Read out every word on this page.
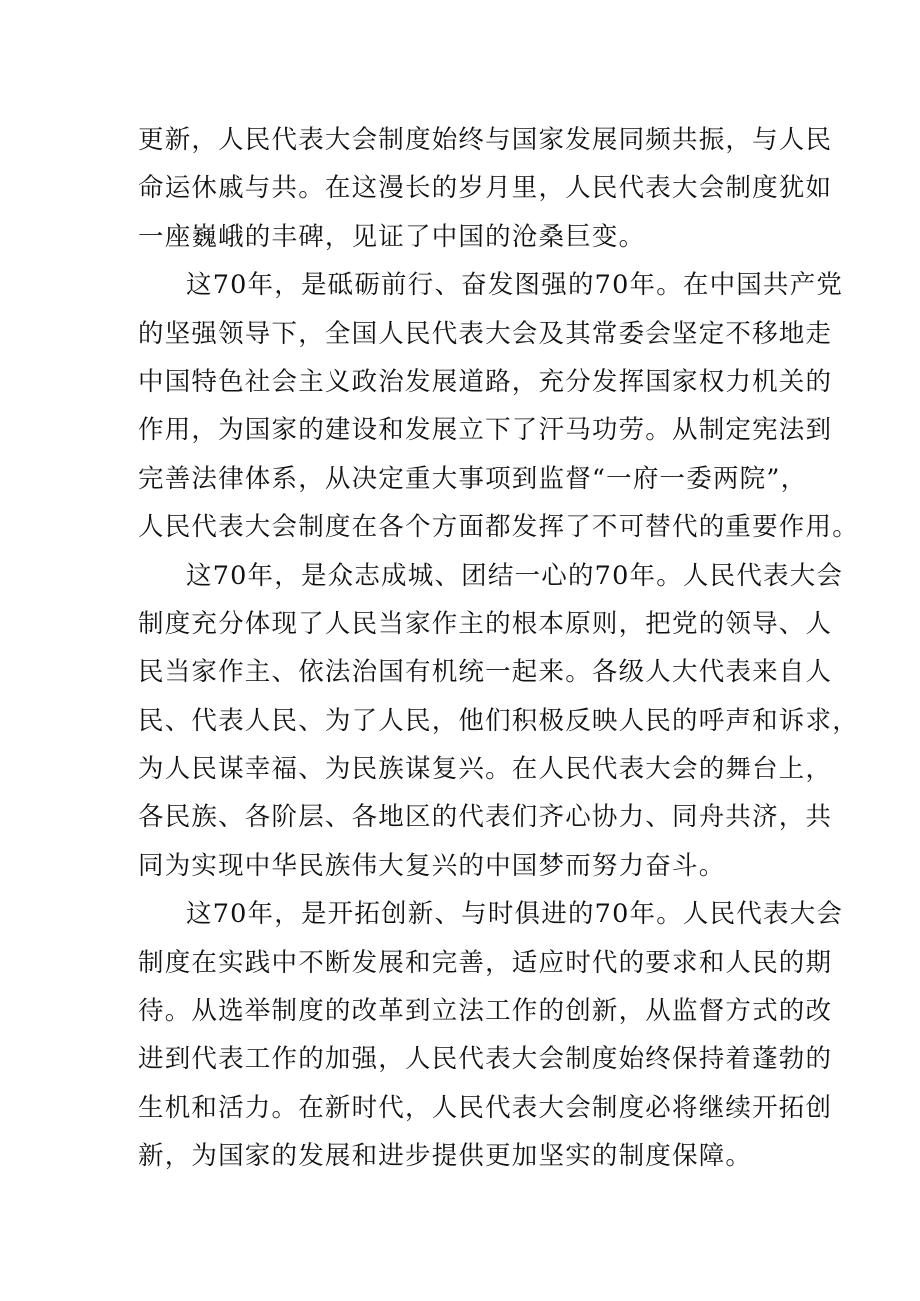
更新，人民代表大会制度始终与国家发展同频共振，与人民
命运休戚与共。在这漫长的岁月里，人民代表大会制度犹如
一座巍峨的丰碑，见证了中国的沧桑巨变。
这70年，是砥砺前行、奋发图强的70年。在中国共产党
的坚强领导下，全国人民代表大会及其常委会坚定不移地走
中国特色社会主义政治发展道路，充分发挥国家权力机关的
作用，为国家的建设和发展立下了汗马功劳。从制定宪法到
完善法律体系，从决定重大事项到监督“一府一委两院”，
人民代表大会制度在各个方面都发挥了不可替代的重要作用。
这70年，是众志成城、团结一心的70年。人民代表大会
制度充分体现了人民当家作主的根本原则，把党的领导、人
民当家作主、依法治国有机统一起来。各级人大代表来自人
民、代表人民、为了人民，他们积极反映人民的呼声和诉求，
为人民谋幸福、为民族谋复兴。在人民代表大会的舞台上，
各民族、各阶层、各地区的代表们齐心协力、同舟共济，共
同为实现中华民族伟大复兴的中国梦而努力奋斗。
这70年，是开拓创新、与时俱进的70年。人民代表大会
制度在实践中不断发展和完善，适应时代的要求和人民的期
待。从选举制度的改革到立法工作的创新，从监督方式的改
进到代表工作的加强，人民代表大会制度始终保持着蓬勃的
生机和活力。在新时代，人民代表大会制度必将继续开拓创
新，为国家的发展和进步提供更加坚实的制度保障。
